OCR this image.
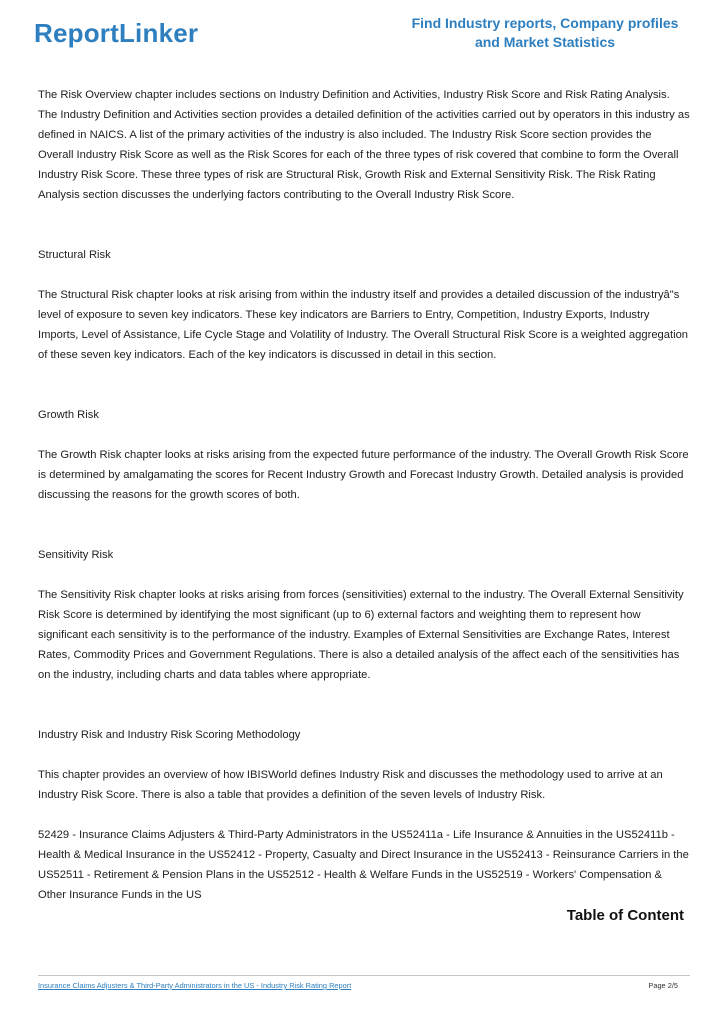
ReportLinker	Find Industry reports, Company profiles
and Market Statistics

The Risk Overview chapter includes sections on Industry Definition and Activities, Industry Risk Score and Risk Rating Analysis. The Industry Definition and Activities section provides a detailed definition of the activities carried out by operators in this industry as defined in NAICS. A list of the primary activities of the industry is also included. The Industry Risk Score section provides the Overall Industry Risk Score as well as the Risk Scores for each of the three types of risk covered that combine to form the Overall Industry Risk Score. These three types of risk are Structural Risk, Growth Risk and External Sensitivity Risk. The Risk Rating Analysis section discusses the underlying factors contributing to the Overall Industry Risk Score.

Structural Risk

The Structural Risk chapter looks at risk arising from within the industry itself and provides a detailed discussion of the industryâ"s level of exposure to seven key indicators. These key indicators are Barriers to Entry, Competition, Industry Exports, Industry Imports, Level of Assistance, Life Cycle Stage and Volatility of Industry. The Overall Structural Risk Score is a weighted aggregation of these seven key indicators. Each of the key indicators is discussed in detail in this section.

Growth Risk

The Growth Risk chapter looks at risks arising from the expected future performance of the industry. The Overall Growth Risk Score is determined by amalgamating the scores for Recent Industry Growth and Forecast Industry Growth. Detailed analysis is provided discussing the reasons for the growth scores of both.

Sensitivity Risk

The Sensitivity Risk chapter looks at risks arising from forces (sensitivities) external to the industry. The Overall External Sensitivity Risk Score is determined by identifying the most significant (up to 6) external factors and weighting them to represent how significant each sensitivity is to the performance of the industry. Examples of External Sensitivities are Exchange Rates, Interest Rates, Commodity Prices and Government Regulations. There is also a detailed analysis of the affect each of the sensitivities has on the industry, including charts and data tables where appropriate.

Industry Risk and Industry Risk Scoring Methodology

This chapter provides an overview of how IBISWorld defines Industry Risk and discusses the methodology used to arrive at an Industry Risk Score. There is also a table that provides a definition of the seven levels of Industry Risk.

52429 - Insurance Claims Adjusters & Third-Party Administrators in the US52411a - Life Insurance & Annuities in the US52411b - Health & Medical Insurance in the US52412 - Property, Casualty and Direct Insurance in the US52413 - Reinsurance Carriers in the US52511 - Retirement & Pension Plans in the US52512 - Health & Welfare Funds in the US52519 - Workers' Compensation & Other Insurance Funds in the US

Table of Content
Insurance Claims Adjusters & Third-Party Administrators in the US - Industry Risk Rating Report	Page 2/5
